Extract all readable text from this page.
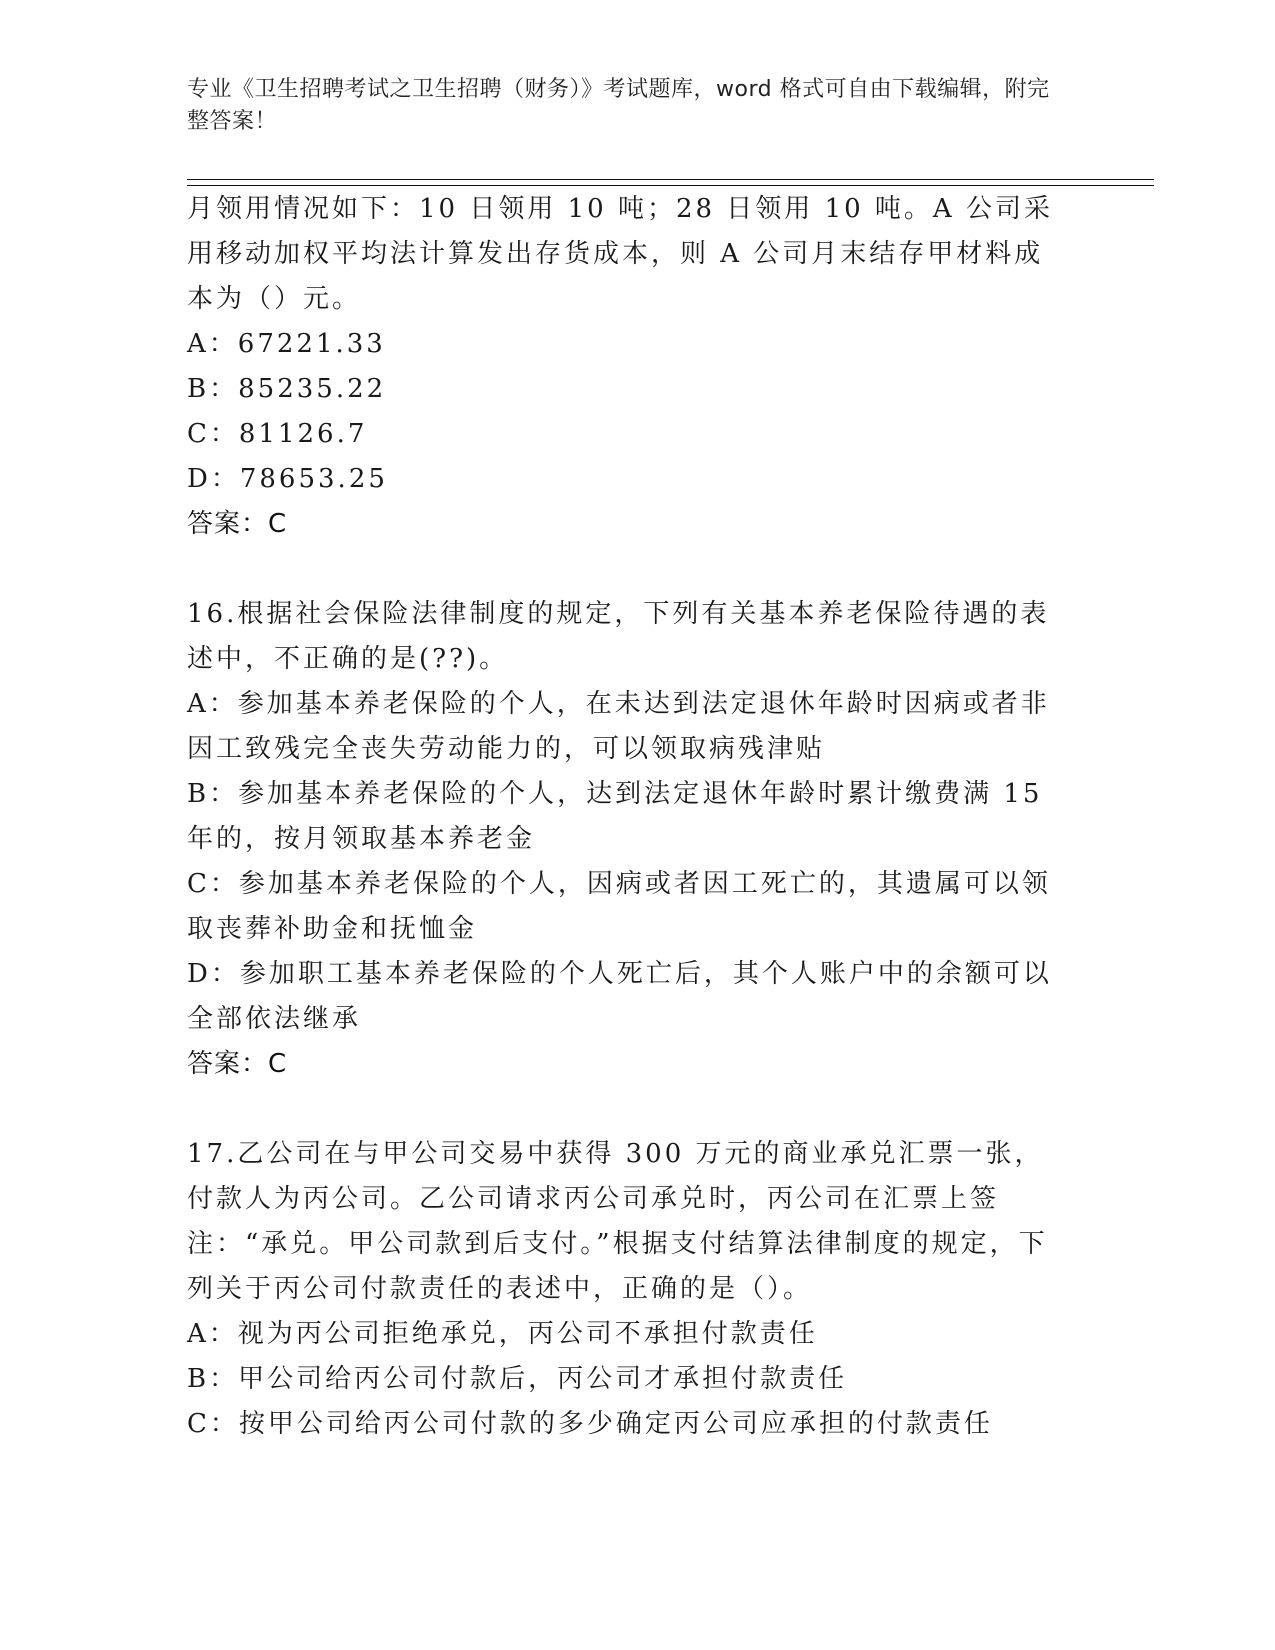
专业《卫生招聘考试之卫生招聘（财务）》考试题库，word 格式可自由下载编辑，附完整答案！

月领用情况如下：10 日领用 10 吨；28 日领用 10 吨。A 公司采用移动加权平均法计算发出存货成本，则 A 公司月末结存甲材料成本为（）元。

A：67221.33

B：85235.22

C：81126.7

D：78653.25

答案：C

16.根据社会保险法律制度的规定，下列有关基本养老保险待遇的表述中，不正确的是(??)。

A：参加基本养老保险的个人，在未达到法定退休年龄时因病或者非因工致残完全丧失劳动能力的，可以领取病残津贴

B：参加基本养老保险的个人，达到法定退休年龄时累计缴费满 15 年的，按月领取基本养老金

C：参加基本养老保险的个人，因病或者因工死亡的，其遗属可以领取丧葬补助金和抚恤金

D：参加职工基本养老保险的个人死亡后，其个人账户中的余额可以全部依法继承

答案：C

17.乙公司在与甲公司交易中获得 300 万元的商业承兑汇票一张，付款人为丙公司。乙公司请求丙公司承兑时，丙公司在汇票上签注：“承兑。甲公司款到后支付。”根据支付结算法律制度的规定，下列关于丙公司付款责任的表述中，正确的是（）。

A：视为丙公司拒绝承兑，丙公司不承担付款责任

B：甲公司给丙公司付款后，丙公司才承担付款责任

C：按甲公司给丙公司付款的多少确定丙公司应承担的付款责任
